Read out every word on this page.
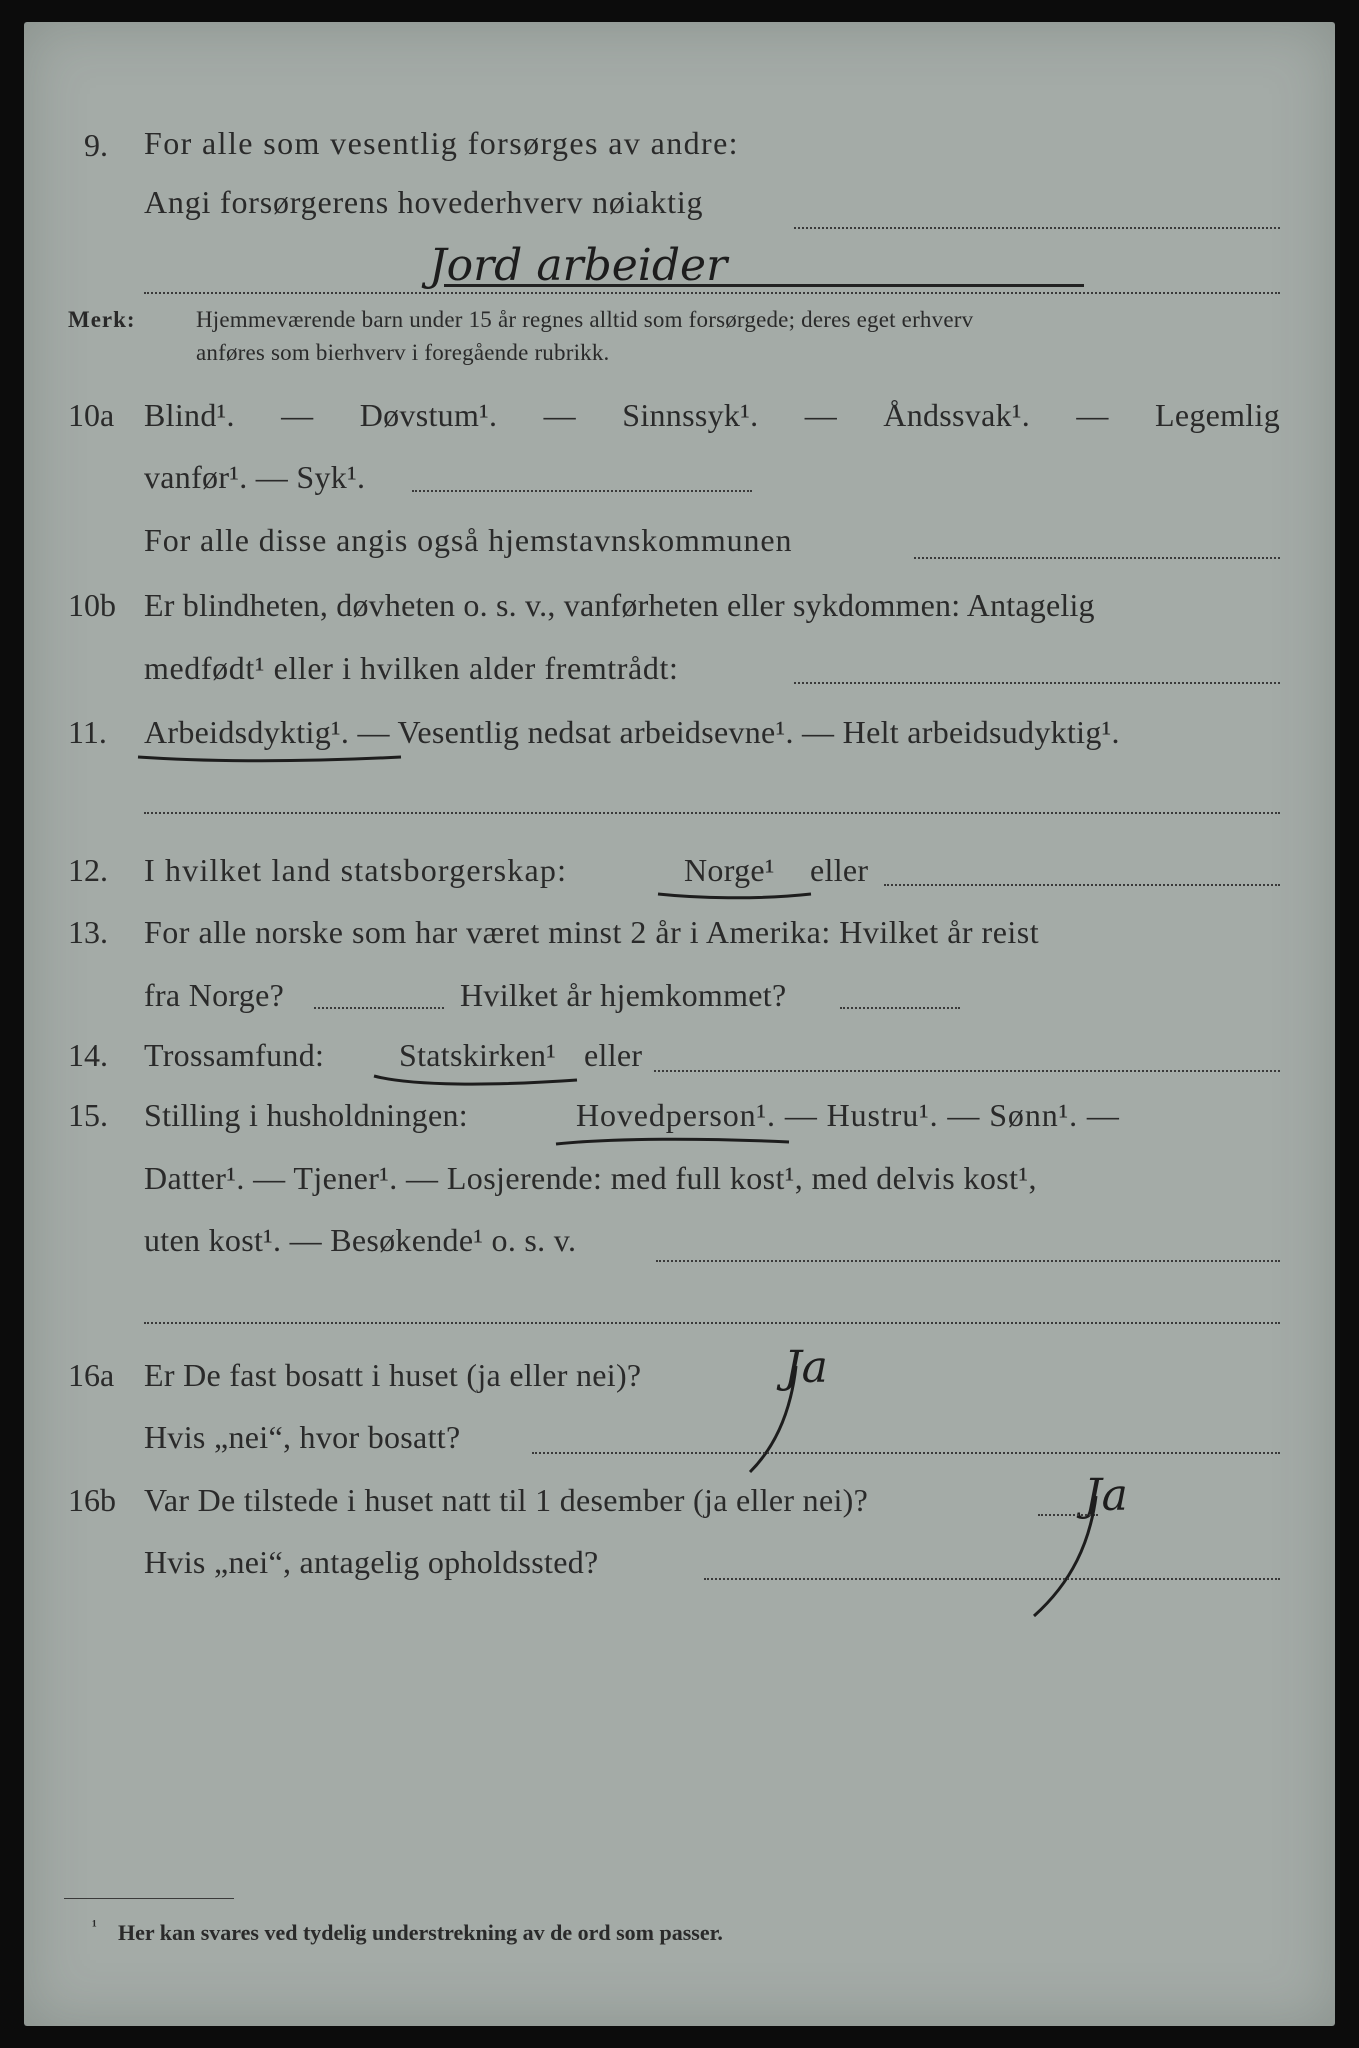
9. For alle som vesentlig forsørges av andre:
Angi forsørgerens hovederhverv nøiaktig
Jord arbeider
Merk:	Hjemmeværende barn under 15 år regnes alltid som forsørgede; deres eget erhverv
anføres som bierhverv i foregående rubrikk.
10a Blind¹. — Døvstum¹. — Sinnssyk¹. — Åndssvak¹. — Legemlig
vanfør¹. — Syk¹.
For alle disse angis også hjemstavnskommunen
10b Er blindheten, døvheten o. s. v., vanførheten eller sykdommen: Antagelig
medfødt¹ eller i hvilken alder fremtrådt:
11. Arbeidsdyktig¹. — Vesentlig nedsat arbeidsevne¹. — Helt arbeidsudyktig¹.
12. I hvilket land statsborgerskap:	Norge¹ eller
13. For alle norske som har været minst 2 år i Amerika: Hvilket år reist
fra Norge?	Hvilket år hjemkommet?
14. Trossamfund: Statskirken¹ eller
15. Stilling i husholdningen:	Hovedperson¹. — Hustru¹. — Sønn¹. —
Datter¹. — Tjener¹. — Losjerende: med full kost¹, med delvis kost¹,
uten kost¹. — Besøkende¹ o. s. v.
16a Er De fast bosatt i huset (ja eller nei)?	Ja
Hvis „nei“, hvor bosatt?
16b Var De tilstede i huset natt til 1 desember (ja eller nei)?	Ja
Hvis „nei“, antagelig opholdssted?
¹ Her kan svares ved tydelig understrekning av de ord som passer.
